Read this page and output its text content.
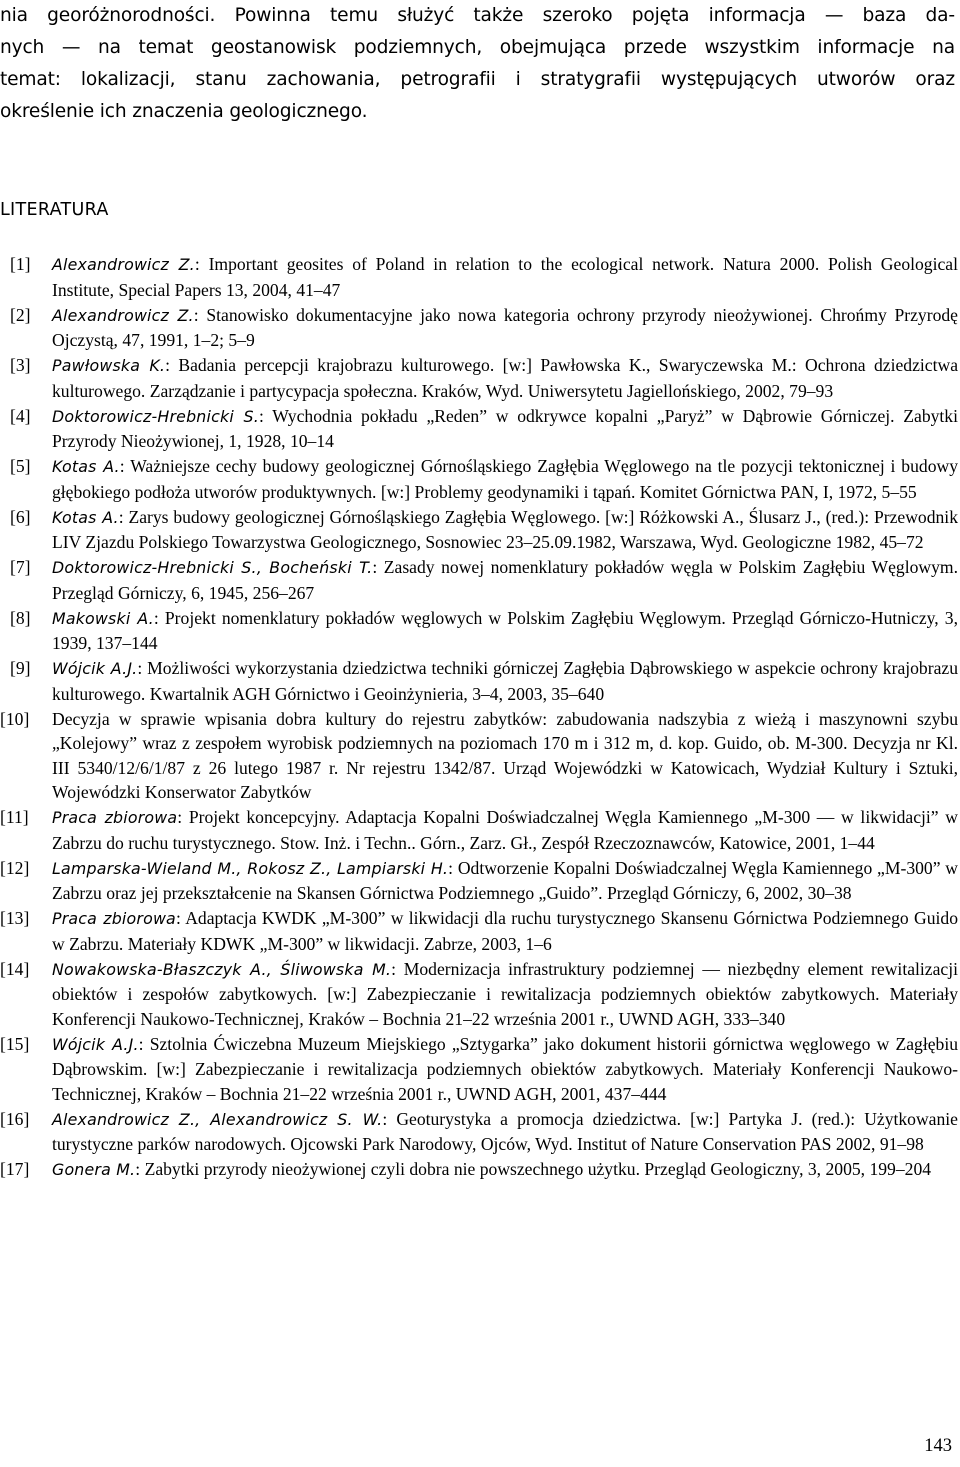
nia georóżnorodności. Powinna temu służyć także szeroko pojęta informacja — baza da-
nych — na temat geostanowisk podziemnych, obejmująca przede wszystkim informacje na
temat: lokalizacji, stanu zachowania, petrografii i stratygrafii występujących utworów oraz
określenie ich znaczenia geologicznego.
LITERATURA
[1] Alexandrowicz Z.: Important geosites of Poland in relation to the ecological network. Natura 2000. Polish Geological Institute, Special Papers 13, 2004, 41–47
[2] Alexandrowicz Z.: Stanowisko dokumentacyjne jako nowa kategoria ochrony przyrody nieożywionej. Chrońmy Przyrodę Ojczystą, 47, 1991, 1–2; 5–9
[3] Pawłowska K.: Badania percepcji krajobrazu kulturowego. [w:] Pawłowska K., Swaryczewska M.: Ochrona dziedzictwa kulturowego. Zarządzanie i partycypacja społeczna. Kraków, Wyd. Uniwersytetu Jagiellońskiego, 2002, 79–93
[4] Doktorowicz-Hrebnicki S.: Wychodnia pokładu „Reden” w odkrywce kopalni „Paryż” w Dąbrowie Górniczej. Zabytki Przyrody Nieożywionej, 1, 1928, 10–14
[5] Kotas A.: Ważniejsze cechy budowy geologicznej Górnośląskiego Zagłębia Węglowego na tle pozycji tektonicznej i budowy głębokiego podłoża utworów produktywnych. [w:] Problemy geodynamiki i tąpań. Komitet Górnictwa PAN, I, 1972, 5–55
[6] Kotas A.: Zarys budowy geologicznej Górnośląskiego Zagłębia Węglowego. [w:] Różkowski A., Ślusarz J., (red.): Przewodnik LIV Zjazdu Polskiego Towarzystwa Geologicznego, Sosnowiec 23–25.09.1982, Warszawa, Wyd. Geologiczne 1982, 45–72
[7] Doktorowicz-Hrebnicki S., Bocheński T.: Zasady nowej nomenklatury pokładów węgla w Polskim Zagłębiu Węglowym. Przegląd Górniczy, 6, 1945, 256–267
[8] Makowski A.: Projekt nomenklatury pokładów węglowych w Polskim Zagłębiu Węglowym. Przegląd Górniczo-Hutniczy, 3, 1939, 137–144
[9] Wójcik A.J.: Możliwości wykorzystania dziedzictwa techniki górniczej Zagłębia Dąbrowskiego w aspekcie ochrony krajobrazu kulturowego. Kwartalnik AGH Górnictwo i Geoinżynieria, 3–4, 2003, 35–640
[10] Decyzja w sprawie wpisania dobra kultury do rejestru zabytków: zabudowania nadszybia z wieżą i maszynowni szybu „Kolejowy” wraz z zespołem wyrobisk podziemnych na poziomach 170 m i 312 m, d. kop. Guido, ob. M-300. Decyzja nr Kl. III 5340/12/6/1/87 z 26 lutego 1987 r. Nr rejestru 1342/87. Urząd Wojewódzki w Katowicach, Wydział Kultury i Sztuki, Wojewódzki Konserwator Zabytków
[11] Praca zbiorowa: Projekt koncepcyjny. Adaptacja Kopalni Doświadczalnej Węgla Kamiennego „M-300 — w likwidacji” w Zabrzu do ruchu turystycznego. Stow. Inż. i Techn.. Górn., Zarz. Gł., Zespół Rzeczoznawców, Katowice, 2001, 1–44
[12] Lamparska-Wieland M., Rokosz Z., Lampiarski H.: Odtworzenie Kopalni Doświadczalnej Węgla Kamiennego „M-300” w Zabrzu oraz jej przekształcenie na Skansen Górnictwa Podziemnego „Guido”. Przegląd Górniczy, 6, 2002, 30–38
[13] Praca zbiorowa: Adaptacja KWDK „M-300” w likwidacji dla ruchu turystycznego Skansenu Górnictwa Podziemnego Guido w Zabrzu. Materiały KDWK „M-300” w likwidacji. Zabrze, 2003, 1–6
[14] Nowakowska-Błaszczyk A., Śliwowska M.: Modernizacja infrastruktury podziemnej — niezbędny element rewitalizacji obiektów i zespołów zabytkowych. [w:] Zabezpieczanie i rewitalizacja podziemnych obiektów zabytkowych. Materiały Konferencji Naukowo-Technicznej, Kraków – Bochnia 21–22 września 2001 r., UWND AGH, 333–340
[15] Wójcik A.J.: Sztolnia Ćwiczebna Muzeum Miejskiego „Sztygarka” jako dokument historii górnictwa węglowego w Zagłębiu Dąbrowskim. [w:] Zabezpieczanie i rewitalizacja podziemnych obiektów zabytkowych. Materiały Konferencji Naukowo-Technicznej, Kraków – Bochnia 21–22 września 2001 r., UWND AGH, 2001, 437–444
[16] Alexandrowicz Z., Alexandrowicz S. W.: Geoturystyka a promocja dziedzictwa. [w:] Partyka J. (red.): Użytkowanie turystyczne parków narodowych. Ojcowski Park Narodowy, Ojców, Wyd. Institut of Nature Conservation PAS 2002, 91–98
[17] Gonera M.: Zabytki przyrody nieożywionej czyli dobra nie powszechnego użytku. Przegląd Geologiczny, 3, 2005, 199–204
143
